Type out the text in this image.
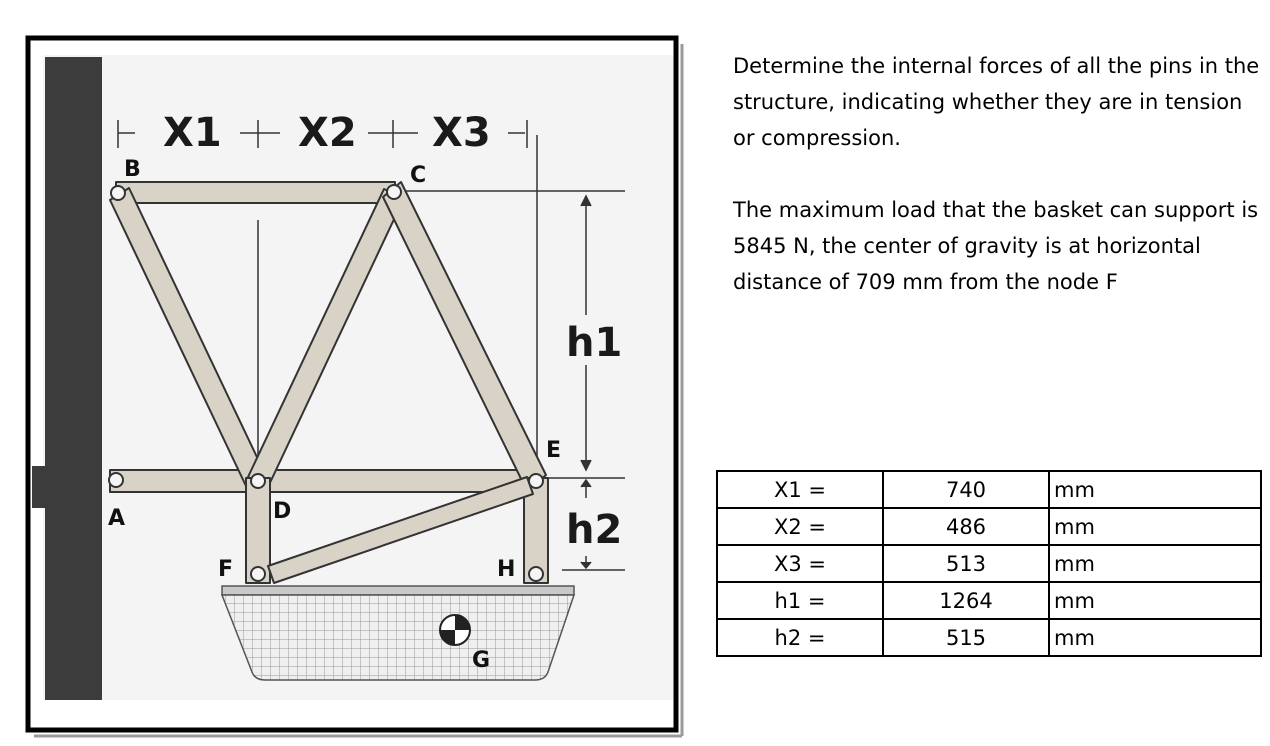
B	C
A	D
E
F	H
G
X1 X2 X3
h1
h2

Determine the internal forces of all the pins in the structure, indicating whether they are in tension or compression.

The maximum load that the basket can support is 5845 N, the center of gravity is at horizontal distance of 709 mm from the node F

X1 =	740	mm
X2 =	486	mm
X3 =	513	mm
h1 =	1264	mm
h2 =	515	mm
